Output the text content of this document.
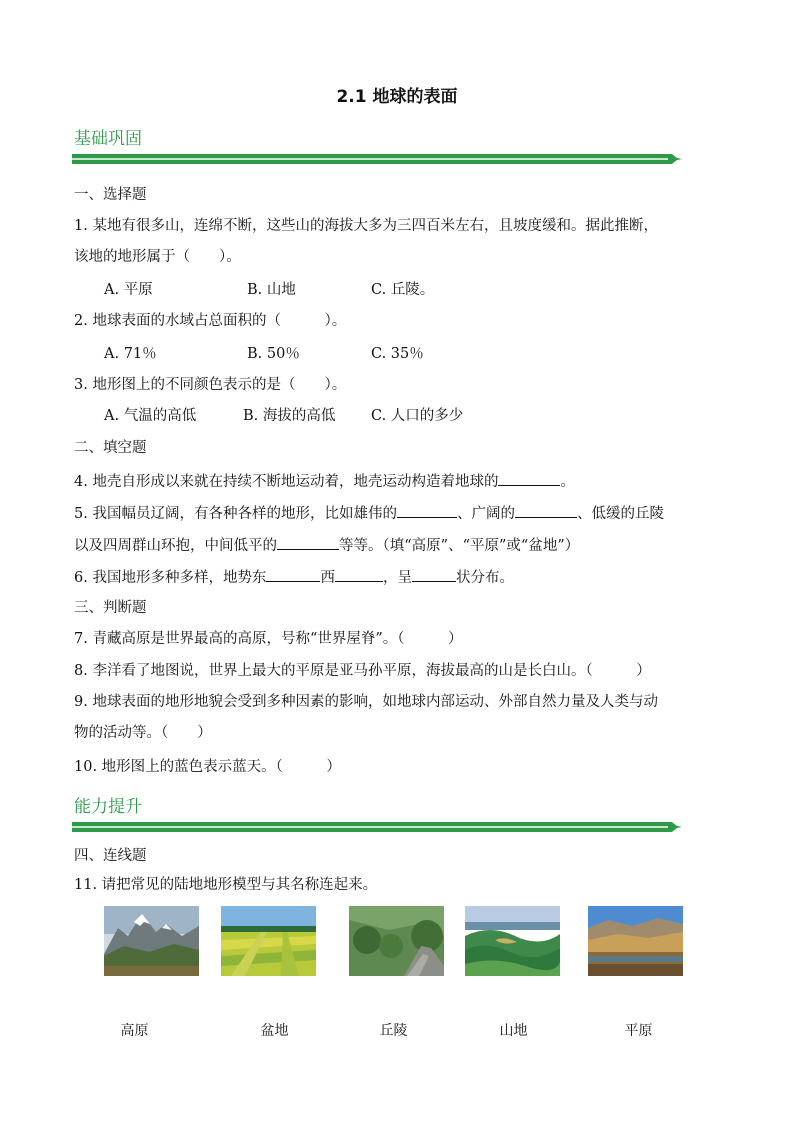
2.1 地球的表面
基础巩固
一、选择题
1. 某地有很多山，连绵不断，这些山的海拔大多为三四百米左右，且坡度缓和。据此推断，
该地的地形属于（　　）。
A. 平原	B. 山地	C. 丘陵。
2. 地球表面的水域占总面积的（　　　）。
A. 71％	B. 50％	C. 35％
3. 地形图上的不同颜色表示的是（　　）。
A. 气温的高低	B. 海拔的高低 C. 人口的多少
二、填空题
4. 地壳自形成以来就在持续不断地运动着，地壳运动构造着地球的	。
5. 我国幅员辽阔，有各种各样的地形，比如雄伟的	、广阔的	、低缓的丘陵
以及四周群山环抱，中间低平的	等等。（填“高原”、“平原”或“盆地”）
6. 我国地形多种多样，地势东	西	，呈	状分布。
三、判断题
7. 青藏高原是世界最高的高原，号称“世界屋脊”。（　　　）
8. 李洋看了地图说，世界上最大的平原是亚马孙平原，海拔最高的山是长白山。（　　　）
9. 地球表面的地形地貌会受到多种因素的影响，如地球内部运动、外部自然力量及人类与动
物的活动等。（　　）
10. 地形图上的蓝色表示蓝天。（　　　）
能力提升
四、连线题
11. 请把常见的陆地地形模型与其名称连起来。
高原	盆地	丘陵	山地	平原
